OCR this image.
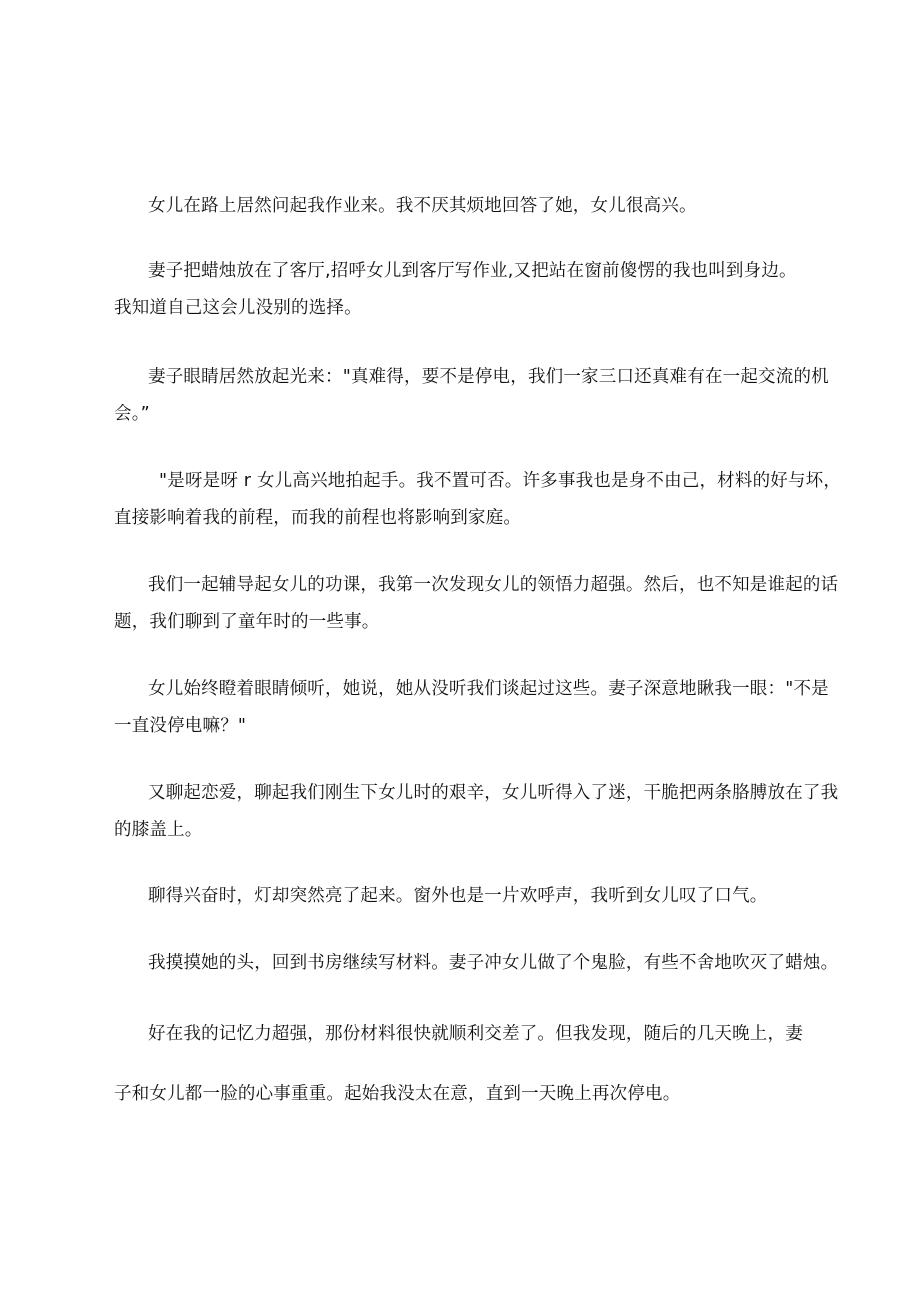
女儿在路上居然问起我作业来。我不厌其烦地回答了她，女儿很高兴。
妻子把蜡烛放在了客厅,招呼女儿到客厅写作业,又把站在窗前傻愣的我也叫到身边。
我知道自己这会儿没别的选择。
妻子眼睛居然放起光来："真难得，要不是停电，我们一家三口还真难有在一起交流的机
会。”
"是呀是呀 r 女儿高兴地拍起手。我不置可否。许多事我也是身不由己，材料的好与坏，
直接影响着我的前程，而我的前程也将影响到家庭。
我们一起辅导起女儿的功课，我第一次发现女儿的领悟力超强。然后，也不知是谁起的话
题，我们聊到了童年时的一些事。
女儿始终瞪着眼睛倾听，她说，她从没听我们谈起过这些。妻子深意地瞅我一眼："不是
一直没停电嘛？"
又聊起恋爱，聊起我们刚生下女儿时的艰辛，女儿听得入了迷，干脆把两条胳膊放在了我
的膝盖上。
聊得兴奋时，灯却突然亮了起来。窗外也是一片欢呼声，我听到女儿叹了口气。
我摸摸她的头，回到书房继续写材料。妻子冲女儿做了个鬼脸，有些不舍地吹灭了蜡烛。
好在我的记忆力超强，那份材料很快就顺利交差了。但我发现，随后的几天晚上，妻
子和女儿都一脸的心事重重。起始我没太在意，直到一天晚上再次停电。
